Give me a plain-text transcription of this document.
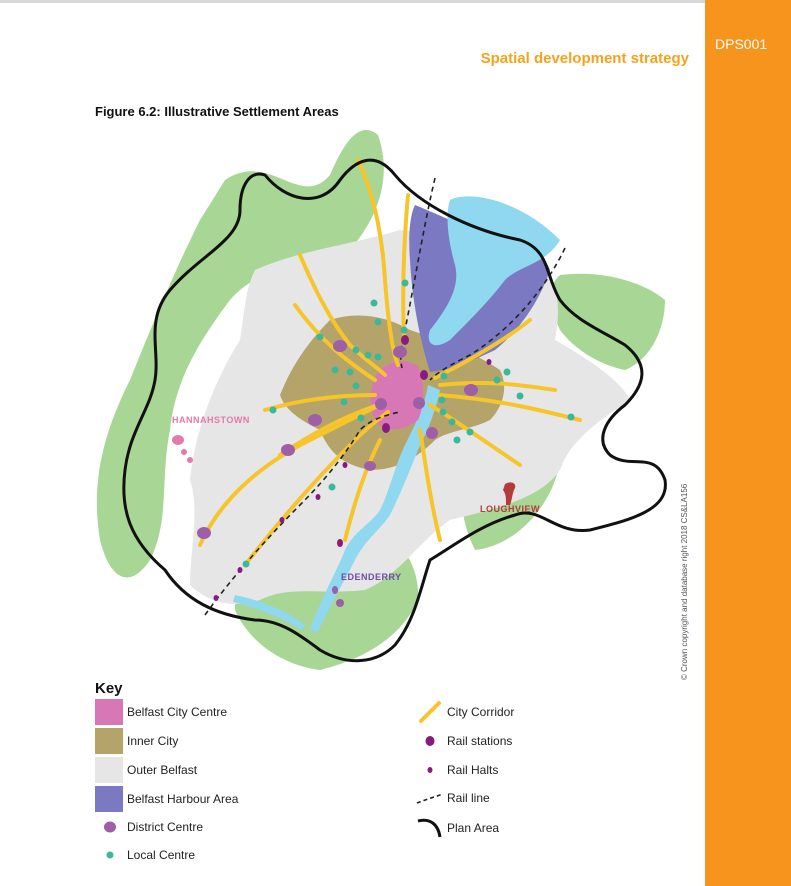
DPS001
Spatial development strategy
Figure 6.2: Illustrative Settlement Areas
HANNAHSTOWN
LOUGHVIEW
EDENDERRY	© Crown copyright and database right 2018 CS&LA156
Key
Belfast City Centre
Inner City
Outer Belfast
Belfast Harbour Area
District Centre
Local Centre
City Corridor
Rail stations
Rail Halts
Rail line
Plan Area
